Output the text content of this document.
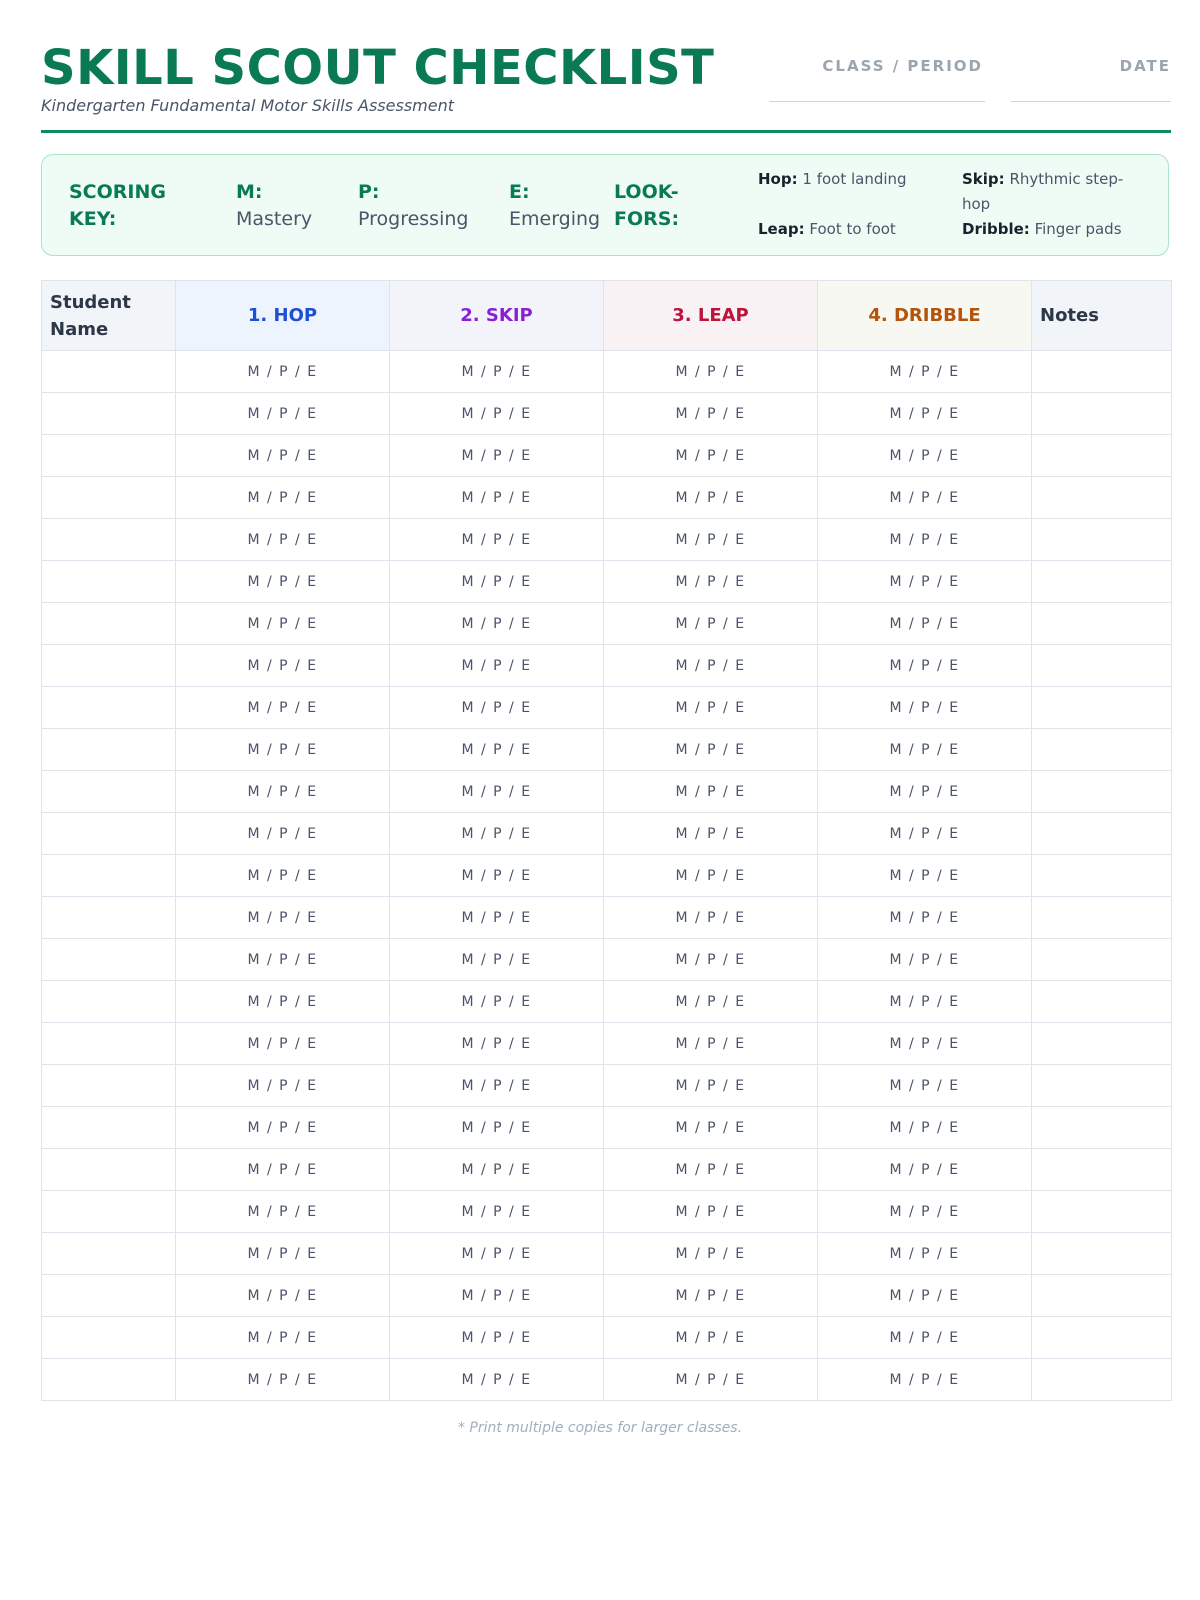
SKILL SCOUT CHECKLIST
Kindergarten Fundamental Motor Skills Assessment
CLASS / PERIOD	DATE
SCORING
KEY:
M:
Mastery
P:
Progressing
E:
Emerging
LOOK-
FORS:
Hop: 1 foot landing
Leap: Foot to foot
Skip: Rhythmic step-
hop
Dribble: Finger pads
Student
Name	1. HOP	2. SKIP	3. LEAP	4. DRIBBLE	Notes
	M / P / E	M / P / E	M / P / E	M / P / E	
	M / P / E	M / P / E	M / P / E	M / P / E	
	M / P / E	M / P / E	M / P / E	M / P / E	
	M / P / E	M / P / E	M / P / E	M / P / E	
	M / P / E	M / P / E	M / P / E	M / P / E	
	M / P / E	M / P / E	M / P / E	M / P / E	
	M / P / E	M / P / E	M / P / E	M / P / E	
	M / P / E	M / P / E	M / P / E	M / P / E	
	M / P / E	M / P / E	M / P / E	M / P / E	
	M / P / E	M / P / E	M / P / E	M / P / E	
	M / P / E	M / P / E	M / P / E	M / P / E	
	M / P / E	M / P / E	M / P / E	M / P / E	
	M / P / E	M / P / E	M / P / E	M / P / E	
	M / P / E	M / P / E	M / P / E	M / P / E	
	M / P / E	M / P / E	M / P / E	M / P / E	
	M / P / E	M / P / E	M / P / E	M / P / E	
	M / P / E	M / P / E	M / P / E	M / P / E	
	M / P / E	M / P / E	M / P / E	M / P / E	
	M / P / E	M / P / E	M / P / E	M / P / E	
	M / P / E	M / P / E	M / P / E	M / P / E	
	M / P / E	M / P / E	M / P / E	M / P / E	
	M / P / E	M / P / E	M / P / E	M / P / E	
	M / P / E	M / P / E	M / P / E	M / P / E	
	M / P / E	M / P / E	M / P / E	M / P / E	
	M / P / E	M / P / E	M / P / E	M / P / E	
* Print multiple copies for larger classes.
